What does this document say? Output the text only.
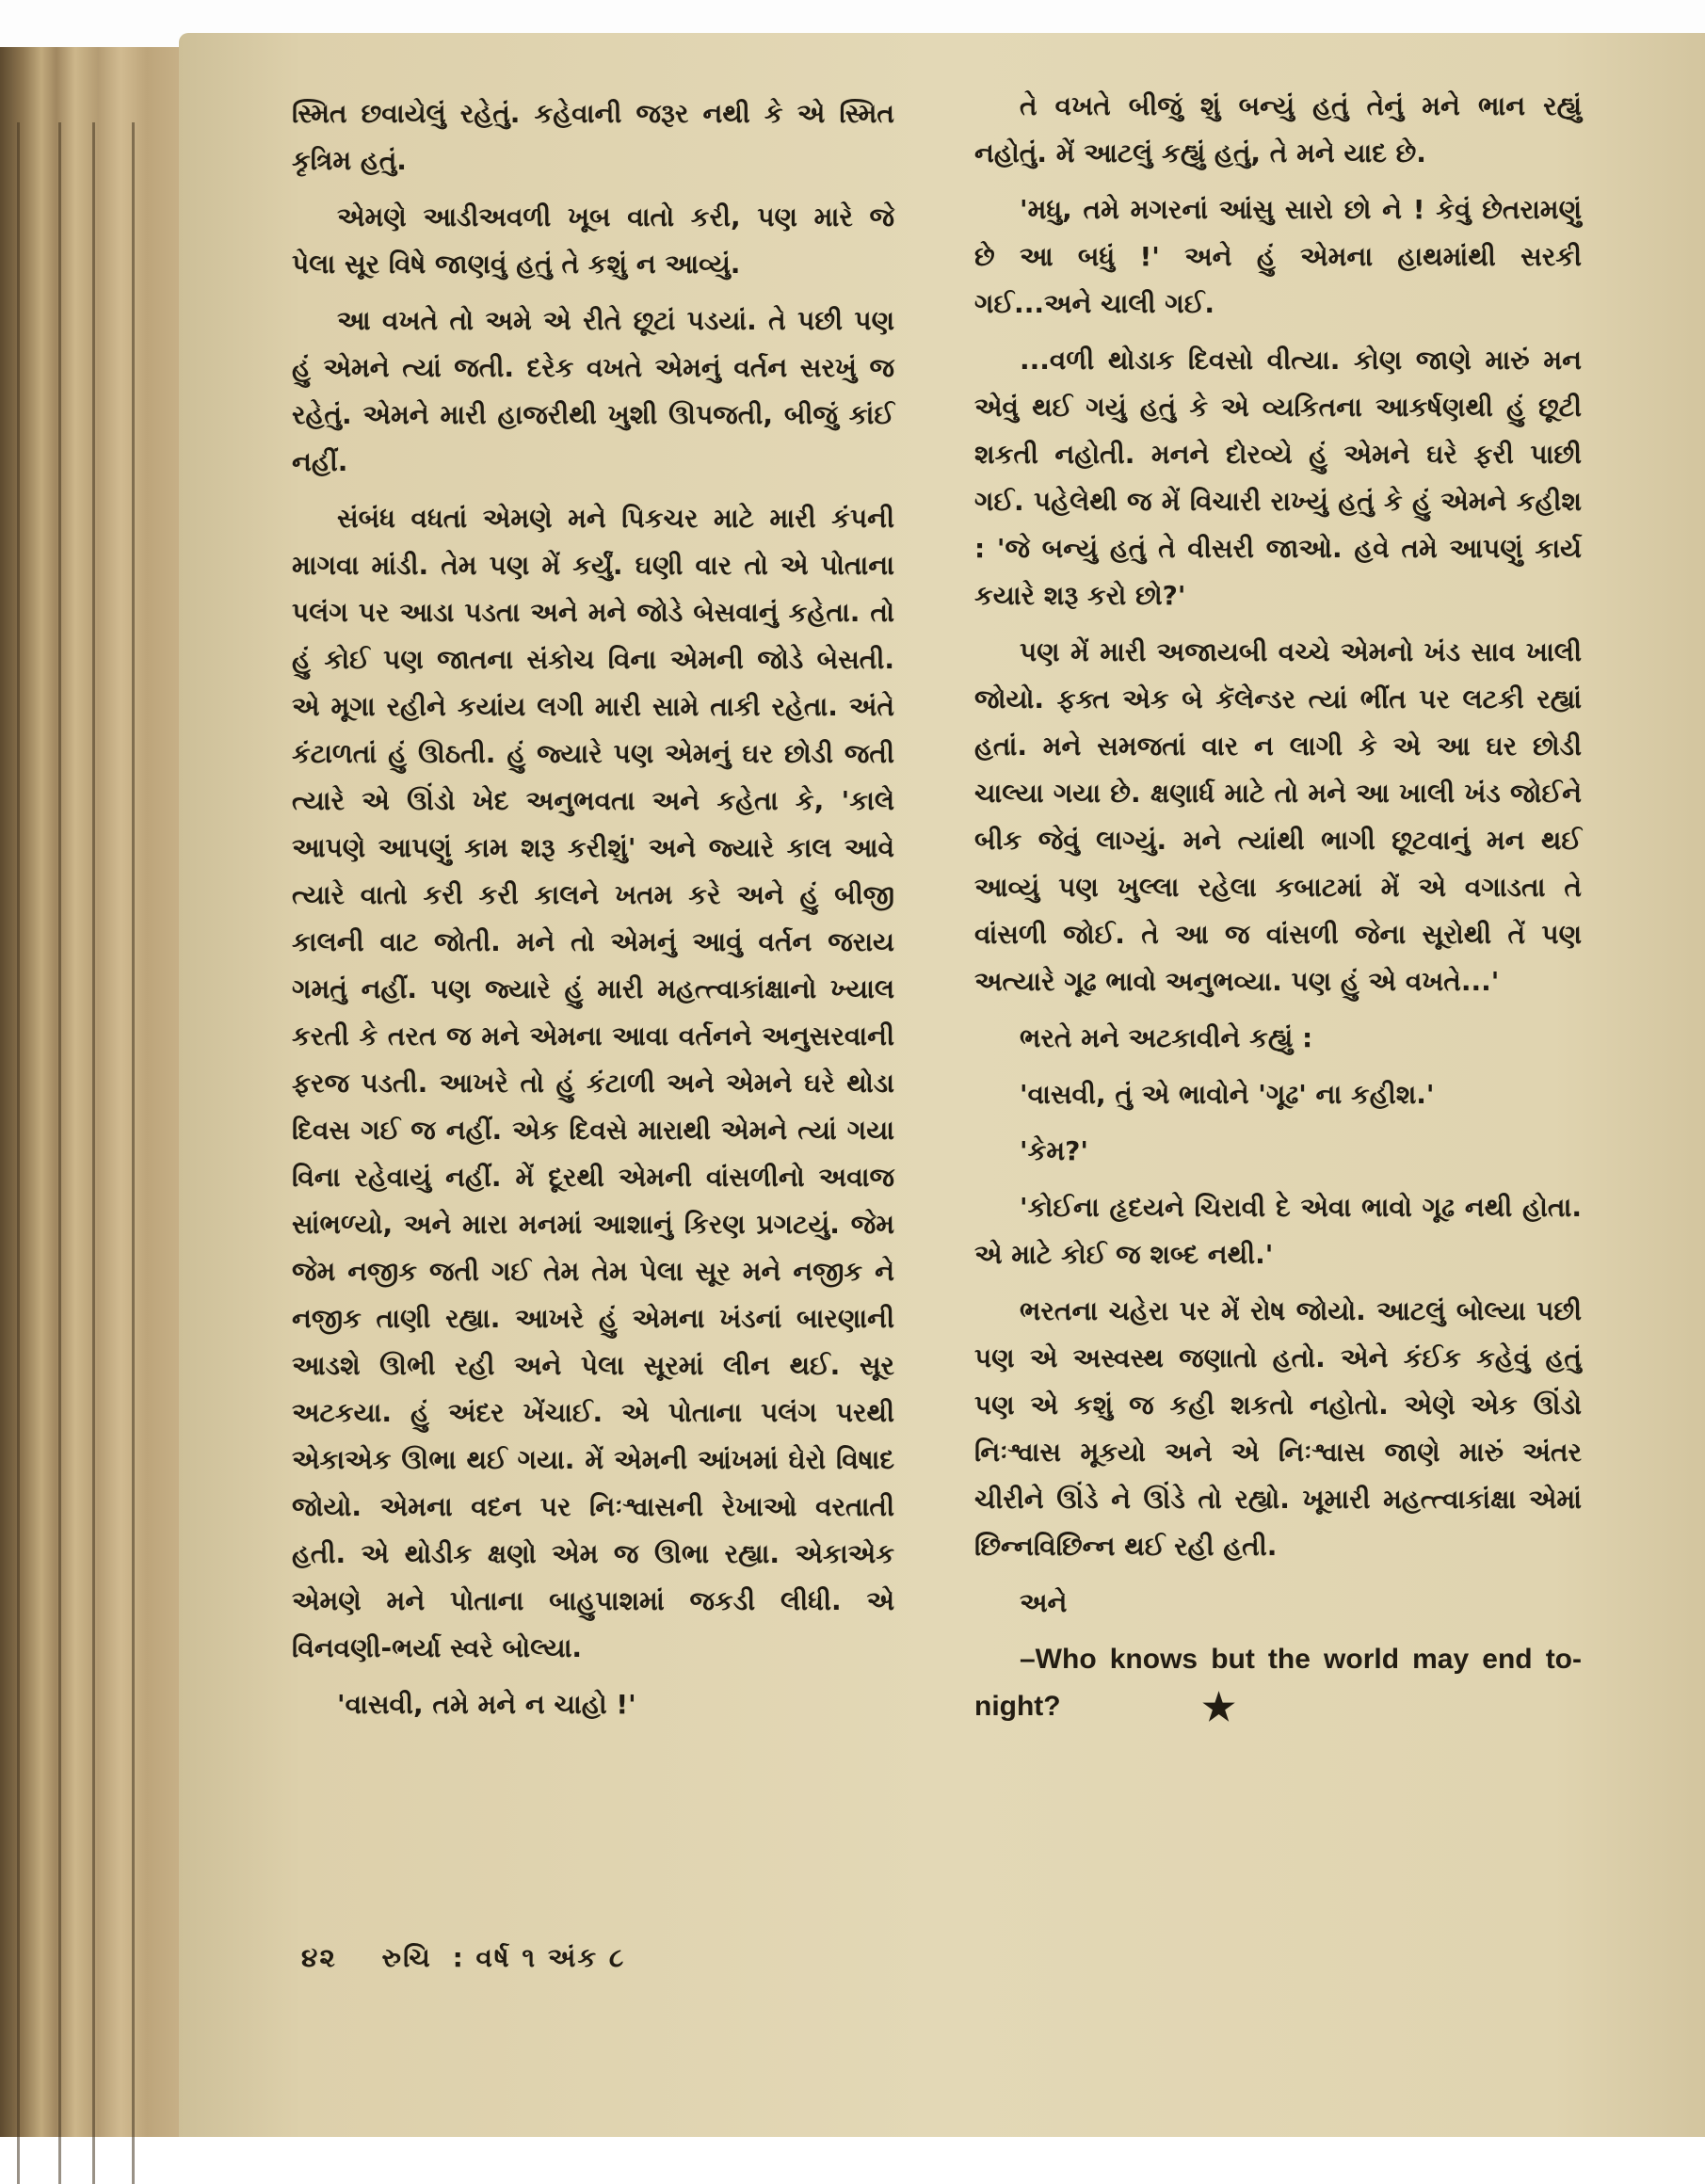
સ્મિત છવાયેલું રહેતું. કહેવાની જરૂર નથી કે એ સ્મિત કૃત્રિમ હતું.

એમણે આડીઅવળી ખૂબ વાતો કરી, પણ મારે જે પેલા સૂર વિષે જાણવું હતું તે કશું ન આવ્યું.

આ વખતે તો અમે એ રીતે છૂટાં પડયાં. તે પછી પણ હું એમને ત્યાં જતી. દરેક વખતે એમનું વર્તન સરખું જ રહેતું. એમને મારી હાજરીથી ખુશી ઊપજતી, બીજું કાંઈ નહીં.

સંબંધ વધતાં એમણે મને પિકચર માટે મારી કંપની માગવા માંડી. તેમ પણ મેં કર્યું. ઘણી વાર તો એ પોતાના પલંગ પર આડા પડતા અને મને જોડે બેસવાનું કહેતા. તો હું કોઈ પણ જાતના સંકોચ વિના એમની જોડે બેસતી. એ મૂગા રહીને કયાંય લગી મારી સામે તાકી રહેતા. અંતે કંટાળતાં હું ઊઠતી. હું જ્યારે પણ એમનું ઘર છોડી જતી ત્યારે એ ઊંડો ખેદ અનુભવતા અને કહેતા કે, 'કાલે આપણે આપણું કામ શરૂ કરીશું' અને જ્યારે કાલ આવે ત્યારે વાતો કરી કરી કાલને ખતમ કરે અને હું બીજી કાલની વાટ જોતી. મને તો એમનું આવું વર્તન જરાય ગમતું નહીં. પણ જ્યારે હું મારી મહત્ત્વાકાંક્ષાનો ખ્યાલ કરતી કે તરત જ મને એમના આવા વર્તનને અનુસરવાની ફરજ પડતી. આખરે તો હું કંટાળી અને એમને ઘરે થોડા દિવસ ગઈ જ નહીં. એક દિવસે મારાથી એમને ત્યાં ગયા વિના રહેવાયું નહીં. મેં દૂરથી એમની વાંસળીનો અવાજ સાંભળ્યો, અને મારા મનમાં આશાનું કિરણ પ્રગટયું. જેમ જેમ નજીક જતી ગઈ તેમ તેમ પેલા સૂર મને નજીક ને નજીક તાણી રહ્યા. આખરે હું એમના ખંડનાં બારણાની આડશે ઊભી રહી અને પેલા સૂરમાં લીન થઈ. સૂર અટકયા. હું અંદર ખેંચાઈ. એ પોતાના પલંગ પરથી એકાએક ઊભા થઈ ગયા. મેં એમની આંખમાં ઘેરો વિષાદ જોયો. એમના વદન પર નિઃશ્વાસની રેખાઓ વરતાતી હતી. એ થોડીક ક્ષણો એમ જ ઊભા રહ્યા. એકાએક એમણે મને પોતાના બાહુપાશમાં જકડી લીધી. એ વિનવણી-ભર્યા સ્વરે બોલ્યા.

'વાસવી, તમે મને ન ચાહો !'

તે વખતે બીજું શું બન્યું હતું તેનું મને ભાન રહ્યું નહોતું. મેં આટલું કહ્યું હતું, તે મને યાદ છે.

'મધુ, તમે મગરનાં આંસુ સારો છો ને ! કેવું છેતરામણું છે આ બધું !' અને હું એમના હાથમાંથી સરકી ગઈ...અને ચાલી ગઈ.

...વળી થોડાક દિવસો વીત્યા. કોણ જાણે મારું મન એવું થઈ ગયું હતું કે એ વ્યકિતના આકર્ષણથી હું છૂટી શકતી નહોતી. મનને દોરવ્યે હું એમને ઘરે ફરી પાછી ગઈ. પહેલેથી જ મેં વિચારી રાખ્યું હતું કે હું એમને કહીશ : 'જે બન્યું હતું તે વીસરી જાઓ. હવે તમે આપણું કાર્ય કયારે શરૂ કરો છો?'

પણ મેં મારી અજાયબી વચ્ચે એમનો ખંડ સાવ ખાલી જોયો. ફક્ત એક બે કૅલેન્ડર ત્યાં ભીંત પર લટકી રહ્યાં હતાં. મને સમજતાં વાર ન લાગી કે એ આ ઘર છોડી ચાલ્યા ગયા છે. ક્ષણાર્ધ માટે તો મને આ ખાલી ખંડ જોઈને બીક જેવું લાગ્યું. મને ત્યાંથી ભાગી છૂટવાનું મન થઈ આવ્યું પણ ખુલ્લા રહેલા કબાટમાં મેં એ વગાડતા તે વાંસળી જોઈ. તે આ જ વાંસળી જેના સૂરોથી તેં પણ અત્યારે ગૂઢ ભાવો અનુભવ્યા. પણ હું એ વખતે...'

ભરતે મને અટકાવીને કહ્યું :

'વાસવી, તું એ ભાવોને 'ગૂઢ' ના કહીશ.'

'કેમ?'

'કોઈના હૃદયને ચિરાવી દે એવા ભાવો ગૂઢ નથી હોતા. એ માટે કોઈ જ શબ્દ નથી.'

ભરતના ચહેરા પર મેં રોષ જોયો. આટલું બોલ્યા પછી પણ એ અસ્વસ્થ જણાતો હતો. એને કંઈક કહેવું હતું પણ એ કશું જ કહી શકતો નહોતો. એણે એક ઊંડો નિઃશ્વાસ મૂકયો અને એ નિઃશ્વાસ જાણે મારું અંતર ચીરીને ઊંડે ને ઊંડે તો રહ્યો. ખૂમારી મહત્ત્વાકાંક્ષા એમાં છિન્નવિછિન્ન થઈ રહી હતી.

અને

–Who knows but the world may end to-night?	★

૪૨ રુચિ : વર્ષ ૧ અંક ૮
